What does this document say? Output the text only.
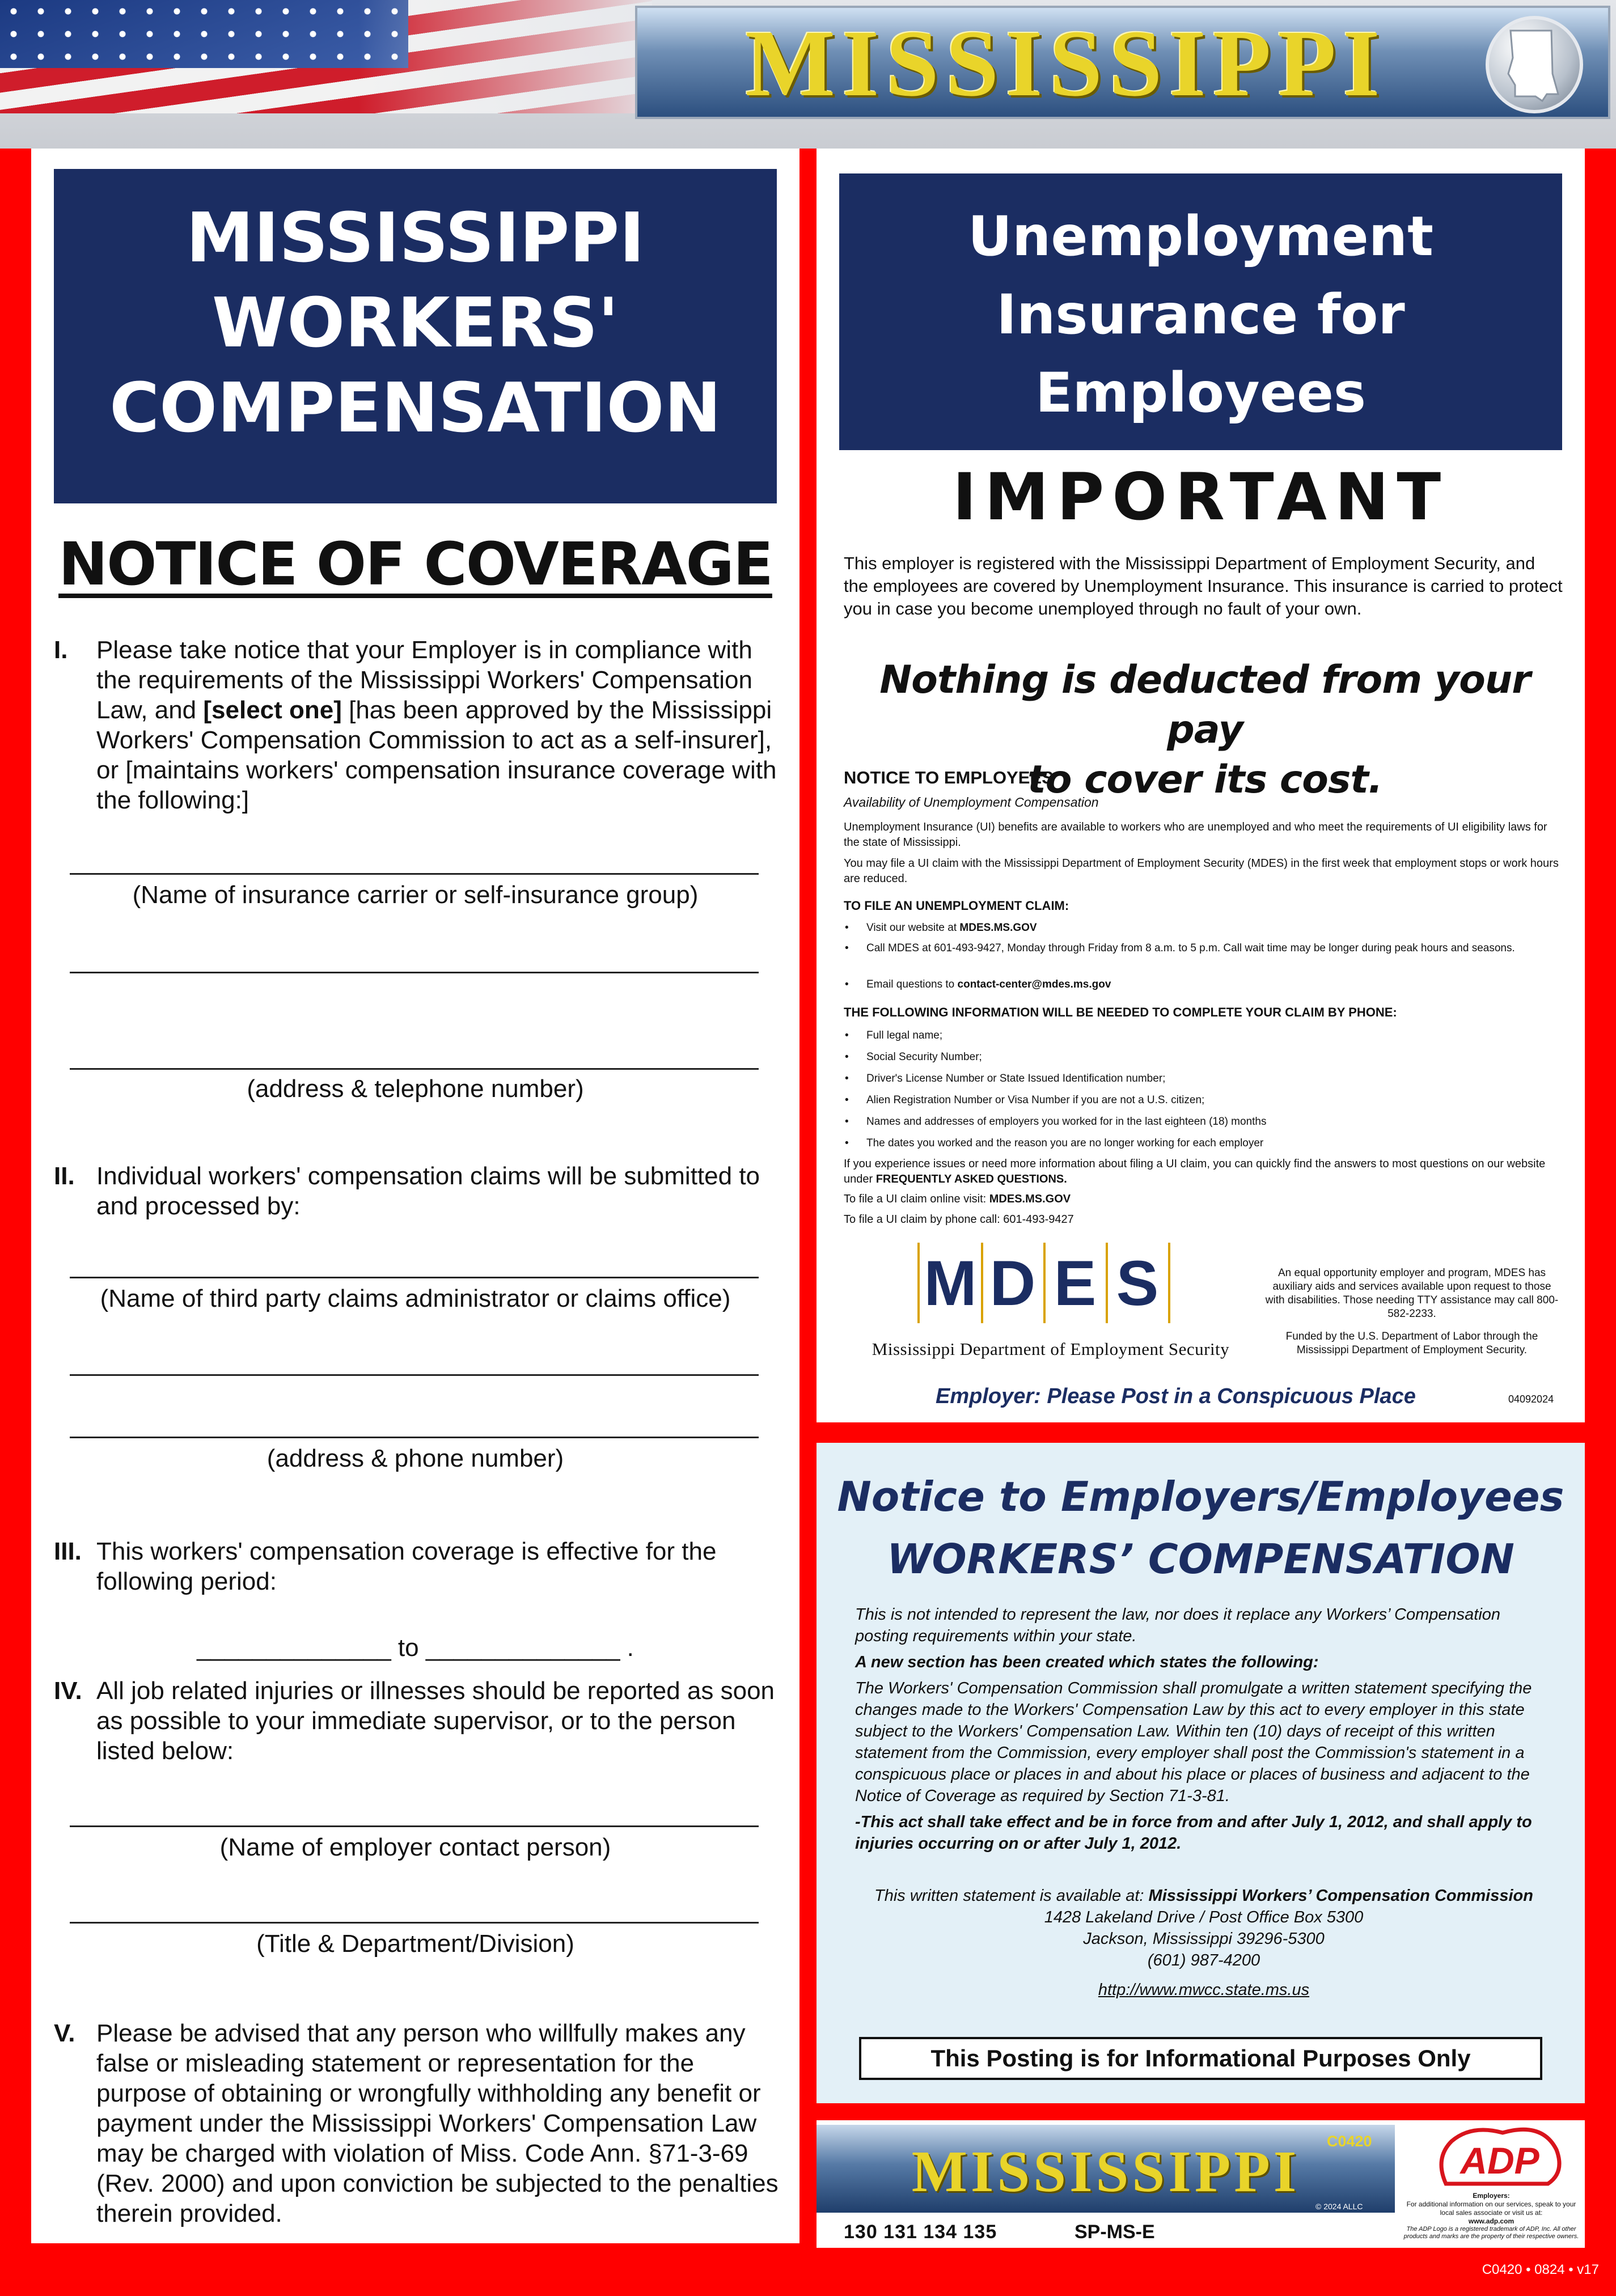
MISSISSIPPI
MISSISSIPPI
WORKERS'
COMPENSATION
NOTICE OF COVERAGE
I. Please take notice that your Employer is in compliance with the requirements of the Mississippi Workers' Compensation Law, and [select one] [has been approved by the Mississippi Workers' Compensation Commission to act as a self-insurer], or [maintains workers' compensation insurance coverage with the following:]
(Name of insurance carrier or self-insurance group)
(address & telephone number)
II. Individual workers' compensation claims will be submitted to and processed by:
(Name of third party claims administrator or claims office)
(address & phone number)
III. This workers' compensation coverage is effective for the following period:
______________ to ______________ .
IV. All job related injuries or illnesses should be reported as soon as possible to your immediate supervisor, or to the person listed below:
(Name of employer contact person)
(Title & Department/Division)
V. Please be advised that any person who willfully makes any false or misleading statement or representation for the purpose of obtaining or wrongfully withholding any benefit or payment under the Mississippi Workers' Compensation Law may be charged with violation of Miss. Code Ann. §71-3-69 (Rev. 2000) and upon conviction be subjected to the penalties therein provided.
Unemployment
Insurance for
Employees
IMPORTANT
This employer is registered with the Mississippi Department of Employment Security, and the employees are covered by Unemployment Insurance. This insurance is carried to protect you in case you become unemployed through no fault of your own.
Nothing is deducted from your pay
to cover its cost.
NOTICE TO EMPLOYEES
Availability of Unemployment Compensation
Unemployment Insurance (UI) benefits are available to workers who are unemployed and who meet the requirements of UI eligibility laws for the state of Mississippi.
You may file a UI claim with the Mississippi Department of Employment Security (MDES) in the first week that employment stops or work hours are reduced.
TO FILE AN UNEMPLOYMENT CLAIM:
• Visit our website at MDES.MS.GOV
• Call MDES at 601-493-9427, Monday through Friday from 8 a.m. to 5 p.m. Call wait time may be longer during peak hours and seasons.
• Email questions to contact-center@mdes.ms.gov
THE FOLLOWING INFORMATION WILL BE NEEDED TO COMPLETE YOUR CLAIM BY PHONE:
• Full legal name;
• Social Security Number;
• Driver's License Number or State Issued Identification number;
• Alien Registration Number or Visa Number if you are not a U.S. citizen;
• Names and addresses of employers you worked for in the last eighteen (18) months
• The dates you worked and the reason you are no longer working for each employer
If you experience issues or need more information about filing a UI claim, you can quickly find the answers to most questions on our website under FREQUENTLY ASKED QUESTIONS.
To file a UI claim online visit: MDES.MS.GOV
To file a UI claim by phone call: 601-493-9427
M D E S
Mississippi Department of Employment Security
An equal opportunity employer and program, MDES has auxiliary aids and services available upon request to those with disabilities. Those needing TTY assistance may call 800-582-2233.
Funded by the U.S. Department of Labor through the Mississippi Department of Employment Security.
Employer: Please Post in a Conspicuous Place	04092024
Notice to Employers/Employees
WORKERS’ COMPENSATION

This is not intended to represent the law, nor does it replace any Workers’ Compensation posting requirements within your state.

A new section has been created which states the following:

The Workers' Compensation Commission shall promulgate a written statement specifying the changes made to the Workers' Compensation Law by this act to every employer in this state subject to the Workers' Compensation Law. Within ten (10) days of receipt of this written statement from the Commission, every employer shall post the Commission's statement in a conspicuous place or places in and about his place or places of business and adjacent to the Notice of Coverage as required by Section 71-3-81.

-This act shall take effect and be in force from and after July 1, 2012, and shall apply to injuries occurring on or after July 1, 2012.

This written statement is available at: Mississippi Workers’ Compensation Commission
1428 Lakeland Drive / Post Office Box 5300
Jackson, Mississippi 39296-5300
(601) 987-4200
http://www.mwcc.state.ms.us
This Posting is for Informational Purposes Only
MISSISSIPPI	C0420
© 2024 ALLC
130 131 134 135	SP-MS-E
ADP
Employers:
For additional information on our services, speak to your local sales associate or visit us at:
www.adp.com
The ADP Logo is a registered trademark of ADP, Inc. All other products and marks are the property of their respective owners.
C0420 • 0824 • v17
